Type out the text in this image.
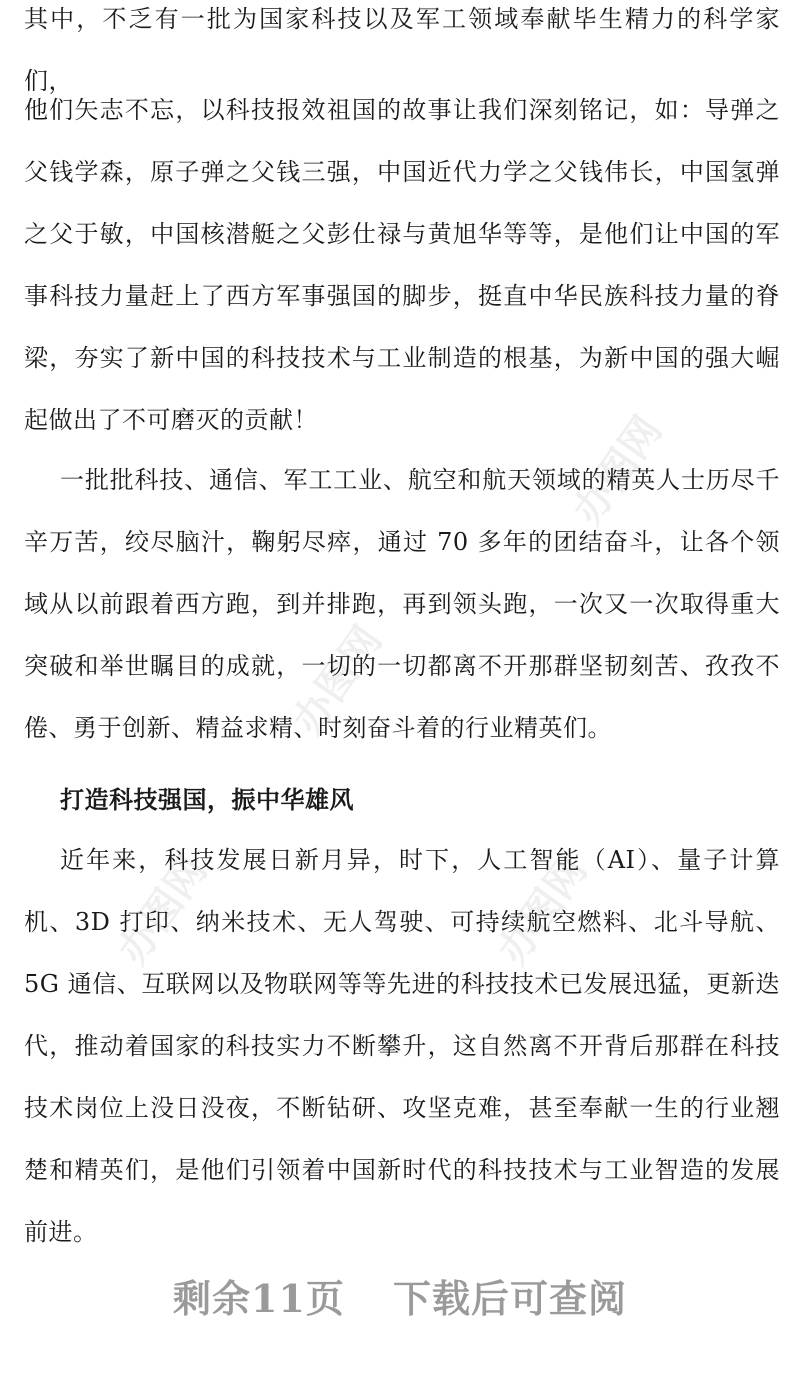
办图网
办图网
办图网
办图网

其中，不乏有一批为国家科技以及军工领域奉献毕生精力的科学家们，

他们矢志不忘，以科技报效祖国的故事让我们深刻铭记，如：导弹之父钱学森，原子弹之父钱三强，中国近代力学之父钱伟长，中国氢弹之父于敏，中国核潜艇之父彭仕禄与黄旭华等等，是他们让中国的军事科技力量赶上了西方军事强国的脚步，挺直中华民族科技力量的脊梁，夯实了新中国的科技技术与工业制造的根基，为新中国的强大崛起做出了不可磨灭的贡献！

一批批科技、通信、军工工业、航空和航天领域的精英人士历尽千辛万苦，绞尽脑汁，鞠躬尽瘁，通过 70 多年的团结奋斗，让各个领域从以前跟着西方跑，到并排跑，再到领头跑，一次又一次取得重大突破和举世瞩目的成就，一切的一切都离不开那群坚韧刻苦、孜孜不倦、勇于创新、精益求精、时刻奋斗着的行业精英们。

打造科技强国，振中华雄风

近年来，科技发展日新月异，时下，人工智能（AI）、量子计算机、3D 打印、纳米技术、无人驾驶、可持续航空燃料、北斗导航、5G 通信、互联网以及物联网等等先进的科技技术已发展迅猛，更新迭代，推动着国家的科技实力不断攀升，这自然离不开背后那群在科技技术岗位上没日没夜，不断钻研、攻坚克难，甚至奉献一生的行业翘楚和精英们，是他们引领着中国新时代的科技技术与工业智造的发展前进。

剩余11页 下载后可查阅
